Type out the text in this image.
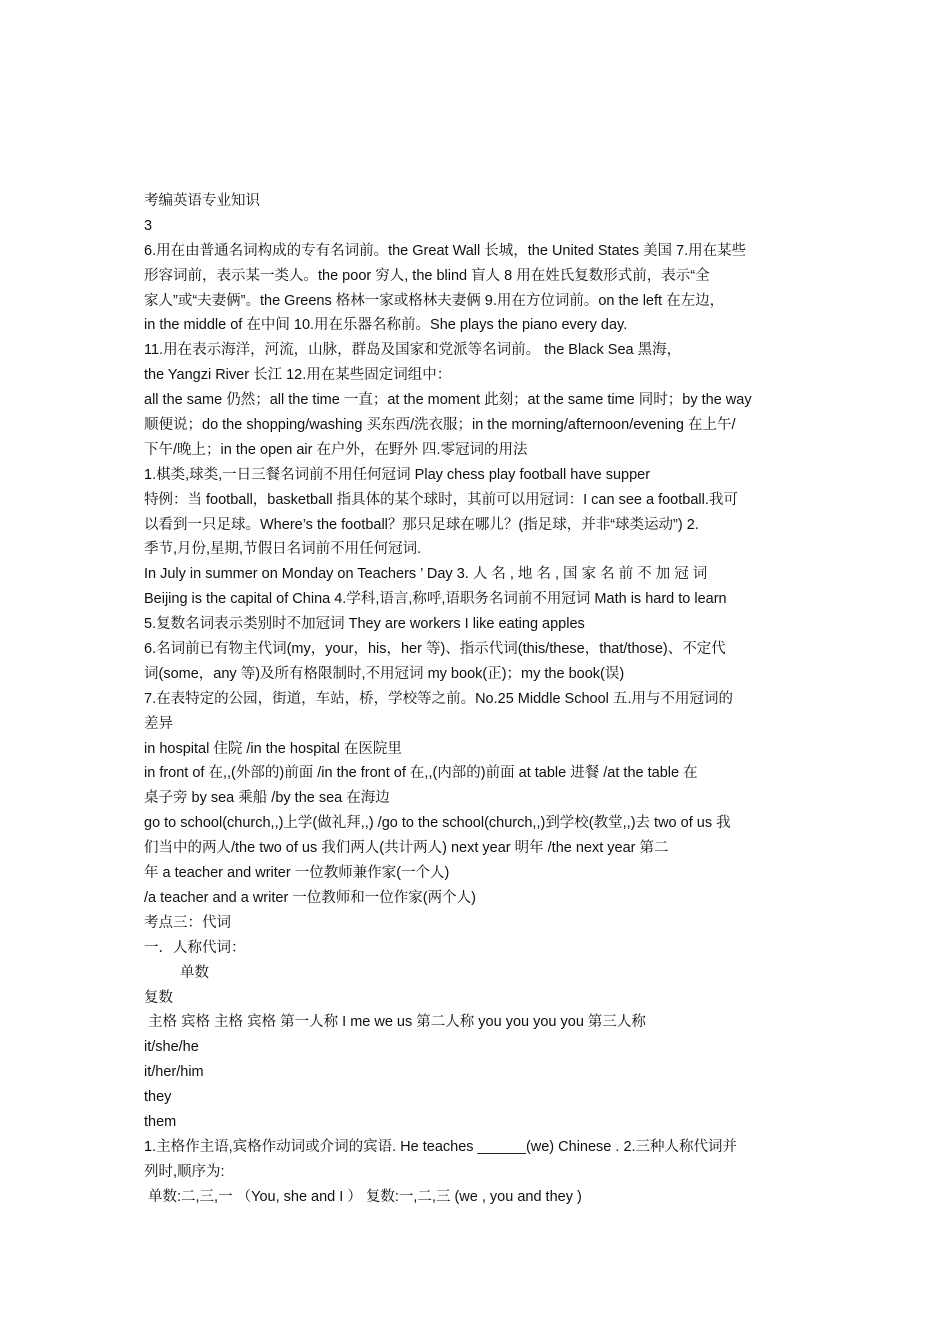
考编英语专业知识
3
6.用在由普通名词构成的专有名词前。the Great Wall 长城，the United States 美国 7.用在某些
形容词前，表示某一类人。the poor 穷人, the blind 盲人 8 用在姓氏复数形式前，表示“全
家人”或“夫妻俩”。the Greens 格林一家或格林夫妻俩 9.用在方位词前。on the left 在左边，
in the middle of 在中间 10.用在乐器名称前。She plays the piano every day.
11.用在表示海洋，河流，山脉，群岛及国家和党派等名词前。 the Black Sea 黑海，
the Yangzi River 长江 12.用在某些固定词组中：
all the same 仍然；all the time 一直；at the moment 此刻；at the same time 同时；by the way
顺便说；do the shopping/washing 买东西/洗衣服；in the morning/afternoon/evening 在上午/
下午/晚上；in the open air 在户外，在野外 四.零冠词的用法
1.棋类,球类,一日三餐名词前不用任何冠词 Play chess play football have supper
特例：当 football，basketball 指具体的某个球时，其前可以用冠词：I can see a football.我可
以看到一只足球。Where’s the football？那只足球在哪儿？(指足球，并非“球类运动”) 2.
季节,月份,星期,节假日名词前不用任何冠词.
In July in summer on Monday on Teachers ’ Day 3. 人 名 , 地 名 , 国 家 名 前 不 加 冠 词
Beijing is the capital of China 4.学科,语言,称呼,语职务名词前不用冠词 Math is hard to learn
5.复数名词表示类别时不加冠词 They are workers I like eating apples
6.名词前已有物主代词(my，your，his，her 等)、指示代词(this/these，that/those)、不定代
词(some，any 等)及所有格限制时,不用冠词 my book(正)；my the book(误)
7.在表特定的公园，街道，车站，桥，学校等之前。No.25 Middle School 五.用与不用冠词的
差异
in hospital 住院 /in the hospital 在医院里
in front of 在,,(外部的)前面 /in the front of 在,,(内部的)前面 at table 进餐 /at the table 在
桌子旁 by sea 乘船 /by the sea 在海边
go to school(church,,)上学(做礼拜,,) /go to the school(church,,)到学校(教堂,,)去 two of us 我
们当中的两人/the two of us 我们两人(共计两人) next year 明年 /the next year 第二
年 a teacher and writer 一位教师兼作家(一个人)
/a teacher and a writer 一位教师和一位作家(两个人)
考点三：代词
一．人称代词：
单数
复数
主格 宾格 主格 宾格 第一人称 I me we us 第二人称 you you you you 第三人称
it/she/he
it/her/him
they
them
1.主格作主语,宾格作动词或介词的宾语. He teaches ______(we) Chinese . 2.三种人称代词并
列时,顺序为:
单数:二,三,一 （You, she and I ） 复数:一,二,三 (we , you and they )
